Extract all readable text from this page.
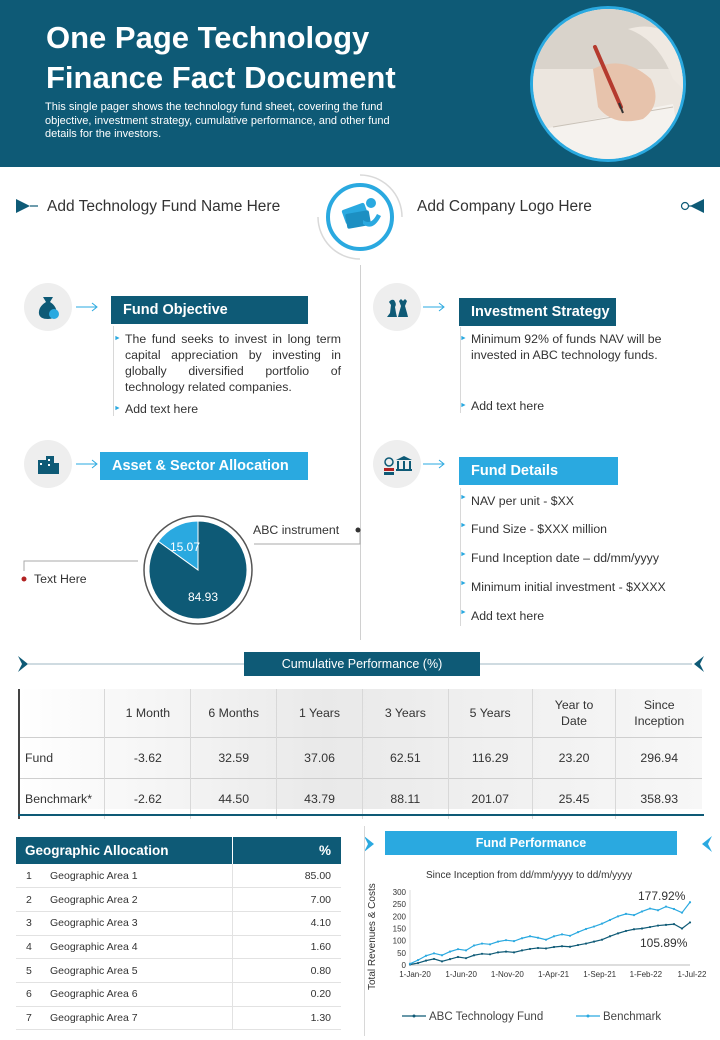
One Page Technology
Finance Fact Document
This single pager shows the technology fund sheet, covering the fund objective, investment strategy, cumulative performance, and other fund details for the investors.
Add Technology Fund Name Here	Add Company Logo Here
Fund Objective
► The fund seeks to invest in long term capital appreciation by investing in globally diversified portfolio of technology related companies.
► Add text here
Investment Strategy
► Minimum 92% of funds NAV will be invested in ABC technology funds.
► Add text here
Asset & Sector Allocation
15.07
84.93
ABC instrument
Text Here
Fund Details
► NAV per unit - $XX
► Fund Size - $XXX million
► Fund Inception date – dd/mm/yyyy
► Minimum initial investment - $XXXX
► Add text here
Cumulative Performance (%)
	1 Month	6 Months	1 Years	3 Years	5 Years	Year to Date	Since Inception
Fund	-3.62	32.59	37.06	62.51	116.29	23.20	296.94
Benchmark*	-2.62	44.50	43.79	88.11	201.07	25.45	358.93
Geographic Allocation		%
1	Geographic Area 1	85.00
2	Geographic Area 2	7.00
3	Geographic Area 3	4.10
4	Geographic Area 4	1.60
5	Geographic Area 5	0.80
6	Geographic Area 6	0.20
7	Geographic Area 7	1.30
Fund Performance
Since Inception from dd/mm/yyyy to dd/m/yyyy
Total Revenues & Costs	0
50
100
150
200
250
300
1-Jan-20 1-Jun-20 1-Nov-20 1-Apr-21 1-Sep-21 1-Feb-22 1-Jul-22
177.92%
105.89%
ABC Technology Fund	Benchmark
